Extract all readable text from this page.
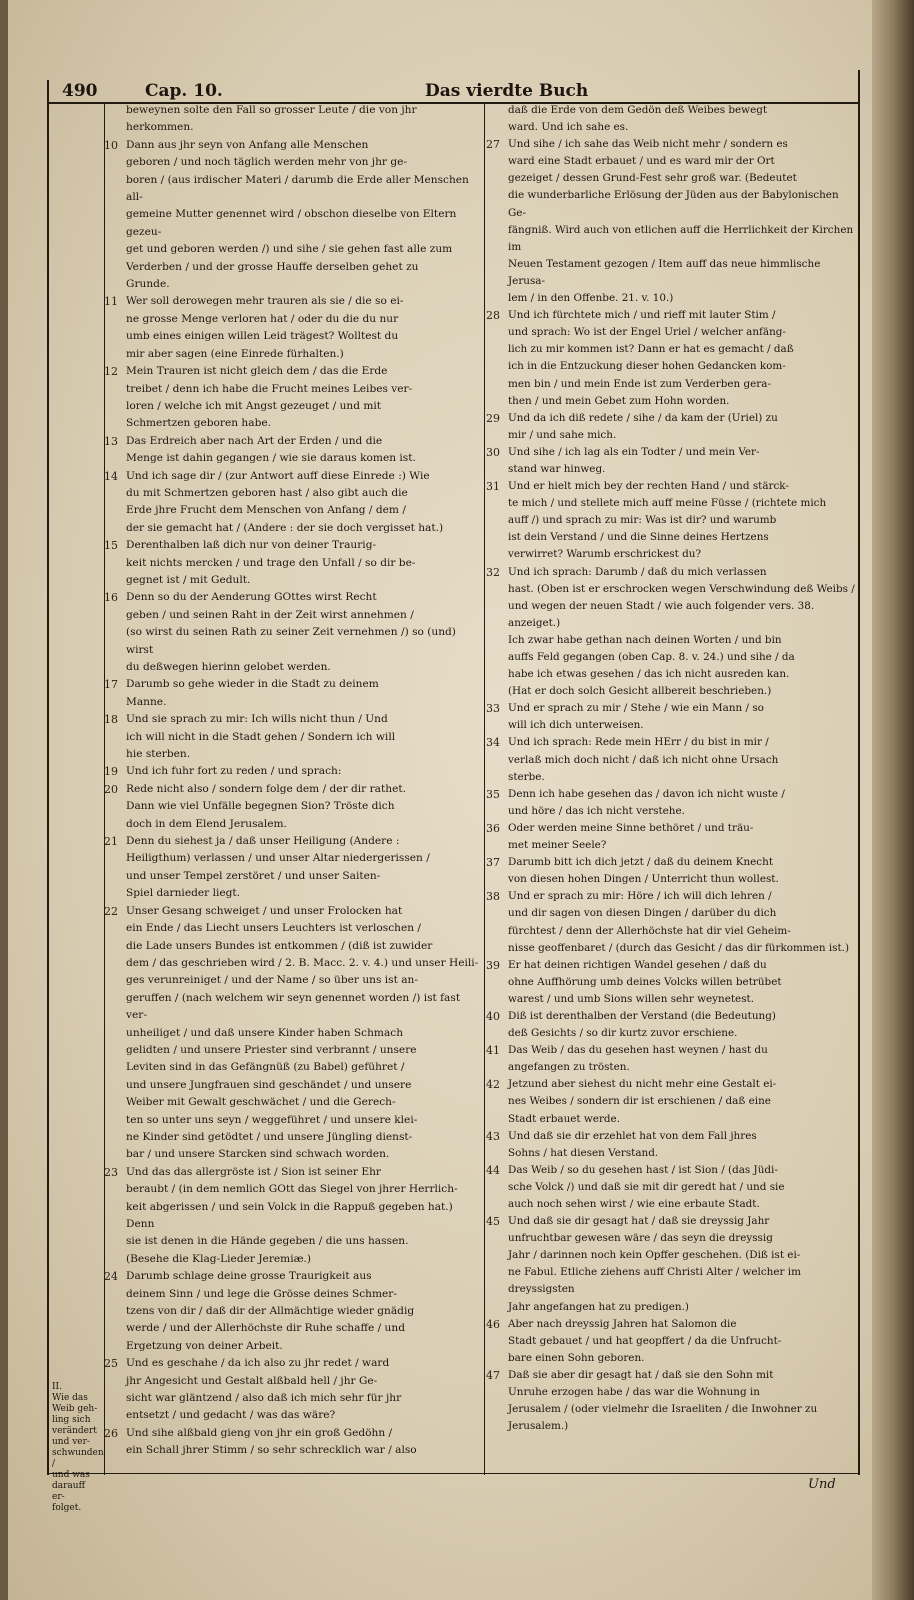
490	Cap. 10.	Das vierdte Buch
II.
Wie das
Weib geh-
ling sich
verändert
und ver-
schwunden /
und was
darauff er-
folget.
beweynen solte den Fall so grosser Leute / die von jhr
herkommen.
10 Dann aus jhr seyn von Anfang alle Menschen
geboren / und noch täglich werden mehr von jhr ge-
boren / (aus irdischer Materi / darumb die Erde aller Menschen all-
gemeine Mutter genennet wird / obschon dieselbe von Eltern gezeu-
get und geboren werden /) und sihe / sie gehen fast alle zum
Verderben / und der grosse Hauffe derselben gehet zu
Grunde.
11 Wer soll derowegen mehr trauren als sie / die so ei-
ne grosse Menge verloren hat / oder du die du nur
umb eines einigen willen Leid trägest? Wolltest du
mir aber sagen (eine Einrede fürhalten.)
12 Mein Trauren ist nicht gleich dem / das die Erde
treibet / denn ich habe die Frucht meines Leibes ver-
loren / welche ich mit Angst gezeuget / und mit
Schmertzen geboren habe.
13 Das Erdreich aber nach Art der Erden / und die
Menge ist dahin gegangen / wie sie daraus komen ist.
14 Und ich sage dir / (zur Antwort auff diese Einrede :) Wie
du mit Schmertzen geboren hast / also gibt auch die
Erde jhre Frucht dem Menschen von Anfang / dem /
der sie gemacht hat / (Andere : der sie doch vergisset hat.)
15 Derenthalben laß dich nur von deiner Traurig-
keit nichts mercken / und trage den Unfall / so dir be-
gegnet ist / mit Gedult.
16 Denn so du der Aenderung GOttes wirst Recht
geben / und seinen Raht in der Zeit wirst annehmen /
(so wirst du seinen Rath zu seiner Zeit vernehmen /) so (und) wirst
du deßwegen hierinn gelobet werden.
17 Darumb so gehe wieder in die Stadt zu deinem
Manne.
18 Und sie sprach zu mir: Ich wills nicht thun / Und
ich will nicht in die Stadt gehen / Sondern ich will
hie sterben.
19 Und ich fuhr fort zu reden / und sprach:
20 Rede nicht also / sondern folge dem / der dir rathet.
Dann wie viel Unfälle begegnen Sion? Tröste dich
doch in dem Elend Jerusalem.
21 Denn du siehest ja / daß unser Heiligung (Andere :
Heiligthum) verlassen / und unser Altar niedergerissen /
und unser Tempel zerstöret / und unser Saiten-
Spiel darnieder liegt.
22 Unser Gesang schweiget / und unser Frolocken hat
ein Ende / das Liecht unsers Leuchters ist verloschen /
die Lade unsers Bundes ist entkommen / (diß ist zuwider
dem / das geschrieben wird / 2. B. Macc. 2. v. 4.) und unser Heili-
ges verunreiniget / und der Name / so über uns ist an-
geruffen / (nach welchem wir seyn genennet worden /) ist fast ver-
unheiliget / und daß unsere Kinder haben Schmach
gelidten / und unsere Priester sind verbrannt / unsere
Leviten sind in das Gefängnüß (zu Babel) geführet /
und unsere Jungfrauen sind geschändet / und unsere
Weiber mit Gewalt geschwächet / und die Gerech-
ten so unter uns seyn / weggeführet / und unsere klei-
ne Kinder sind getödtet / und unsere Jüngling dienst-
bar / und unsere Starcken sind schwach worden.
23 Und das das allergröste ist / Sion ist seiner Ehr
beraubt / (in dem nemlich GOtt das Siegel von jhrer Herrlich-
keit abgerissen / und sein Volck in die Rappuß gegeben hat.) Denn
sie ist denen in die Hände gegeben / die uns hassen.
(Besehe die Klag-Lieder Jeremiæ.)
24 Darumb schlage deine grosse Traurigkeit aus
deinem Sinn / und lege die Grösse deines Schmer-
tzens von dir / daß dir der Allmächtige wieder gnädig
werde / und der Allerhöchste dir Ruhe schaffe / und
Ergetzung von deiner Arbeit.
25 Und es geschahe / da ich also zu jhr redet / ward
jhr Angesicht und Gestalt alßbald hell / jhr Ge-
sicht war gläntzend / also daß ich mich sehr für jhr
entsetzt / und gedacht / was das wäre?
26 Und sihe alßbald gieng von jhr ein groß Gedöhn /
ein Schall jhrer Stimm / so sehr schrecklich war / also
daß die Erde von dem Gedön deß Weibes bewegt
ward. Und ich sahe es.
27 Und sihe / ich sahe das Weib nicht mehr / sondern es
ward eine Stadt erbauet / und es ward mir der Ort
gezeiget / dessen Grund-Fest sehr groß war. (Bedeutet
die wunderbarliche Erlösung der Jüden aus der Babylonischen Ge-
fängniß. Wird auch von etlichen auff die Herrlichkeit der Kirchen im
Neuen Testament gezogen / Item auff das neue himmlische Jerusa-
lem / in den Offenbe. 21. v. 10.)
28 Und ich fürchtete mich / und rieff mit lauter Stim /
und sprach: Wo ist der Engel Uriel / welcher anfäng-
lich zu mir kommen ist? Dann er hat es gemacht / daß
ich in die Entzuckung dieser hohen Gedancken kom-
men bin / und mein Ende ist zum Verderben gera-
then / und mein Gebet zum Hohn worden.
29 Und da ich diß redete / sihe / da kam der (Uriel) zu
mir / und sahe mich.
30 Und sihe / ich lag als ein Todter / und mein Ver-
stand war hinweg.
31 Und er hielt mich bey der rechten Hand / und stärck-
te mich / und stellete mich auff meine Füsse / (richtete mich
auff /) und sprach zu mir: Was ist dir? und warumb
ist dein Verstand / und die Sinne deines Hertzens
verwirret? Warumb erschrickest du?
32 Und ich sprach: Darumb / daß du mich verlassen
hast. (Oben ist er erschrocken wegen Verschwindung deß Weibs /
und wegen der neuen Stadt / wie auch folgender vers. 38. anzeiget.)
Ich zwar habe gethan nach deinen Worten / und bin
auffs Feld gegangen (oben Cap. 8. v. 24.) und sihe / da
habe ich etwas gesehen / das ich nicht ausreden kan.
(Hat er doch solch Gesicht allbereit beschrieben.)
33 Und er sprach zu mir / Stehe / wie ein Mann / so
will ich dich unterweisen.
34 Und ich sprach: Rede mein HErr / du bist in mir /
verlaß mich doch nicht / daß ich nicht ohne Ursach
sterbe.
35 Denn ich habe gesehen das / davon ich nicht wuste /
und höre / das ich nicht verstehe.
36 Oder werden meine Sinne bethöret / und träu-
met meiner Seele?
37 Darumb bitt ich dich jetzt / daß du deinem Knecht
von diesen hohen Dingen / Unterricht thun wollest.
38 Und er sprach zu mir: Höre / ich will dich lehren /
und dir sagen von diesen Dingen / darüber du dich
fürchtest / denn der Allerhöchste hat dir viel Geheim-
nisse geoffenbaret / (durch das Gesicht / das dir fürkommen ist.)
39 Er hat deinen richtigen Wandel gesehen / daß du
ohne Auffhörung umb deines Volcks willen betrübet
warest / und umb Sions willen sehr weynetest.
40 Diß ist derenthalben der Verstand (die Bedeutung)
deß Gesichts / so dir kurtz zuvor erschiene.
41 Das Weib / das du gesehen hast weynen / hast du
angefangen zu trösten.
42 Jetzund aber siehest du nicht mehr eine Gestalt ei-
nes Weibes / sondern dir ist erschienen / daß eine
Stadt erbauet werde.
43 Und daß sie dir erzehlet hat von dem Fall jhres
Sohns / hat diesen Verstand.
44 Das Weib / so du gesehen hast / ist Sion / (das Jüdi-
sche Volck /) und daß sie mit dir geredt hat / und sie
auch noch sehen wirst / wie eine erbaute Stadt.
45 Und daß sie dir gesagt hat / daß sie dreyssig Jahr
unfruchtbar gewesen wäre / das seyn die dreyssig
Jahr / darinnen noch kein Opffer geschehen. (Diß ist ei-
ne Fabul. Etliche ziehens auff Christi Alter / welcher im dreyssigsten
Jahr angefangen hat zu predigen.)
46 Aber nach dreyssig Jahren hat Salomon die
Stadt gebauet / und hat geopffert / da die Unfrucht-
bare einen Sohn geboren.
47 Daß sie aber dir gesagt hat / daß sie den Sohn mit
Unruhe erzogen habe / das war die Wohnung in
Jerusalem / (oder vielmehr die Israeliten / die Inwohner zu
Jerusalem.)
Und
